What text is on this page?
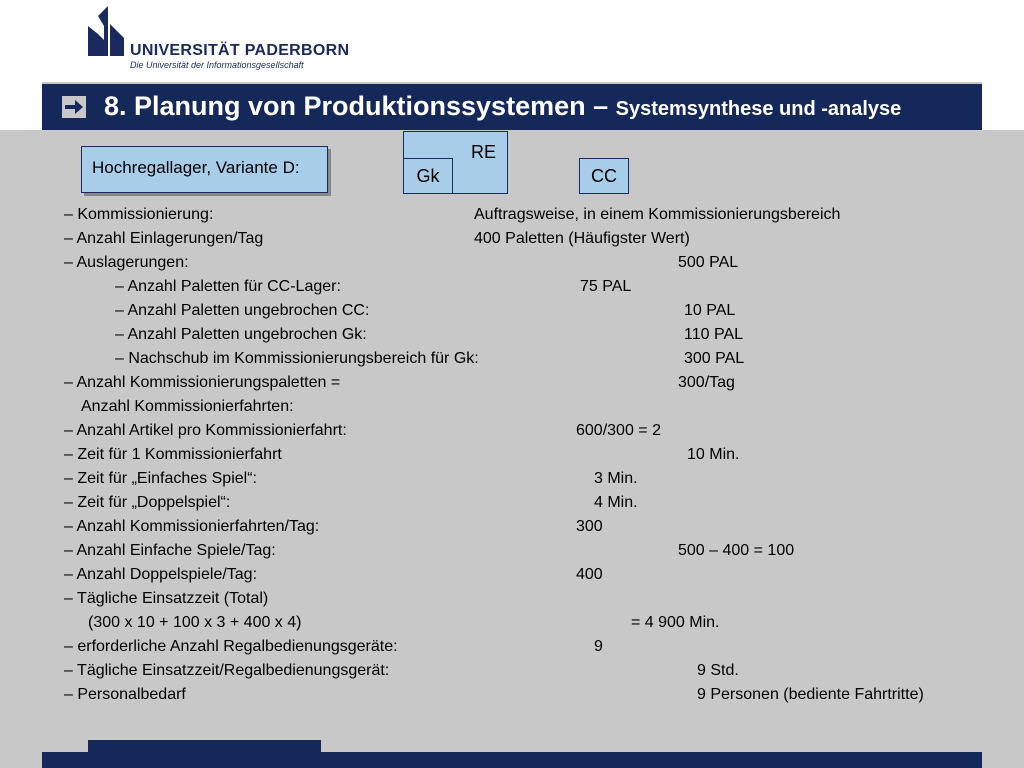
UNIVERSITÄT PADERBORN
Die Universität der Informationsgesellschaft
8. Planung von Produktionssystemen – Systemsynthese und -analyse
Hochregallager, Variante D:
RE
Gk	CC
– Kommissionierung:	Auftragsweise, in einem Kommissionierungsbereich
– Anzahl Einlagerungen/Tag	400 Paletten (Häufigster Wert)
– Auslagerungen:	500 PAL
– Anzahl Paletten für CC-Lager:	75 PAL
– Anzahl Paletten ungebrochen CC:	10 PAL
– Anzahl Paletten ungebrochen Gk:	110 PAL
– Nachschub im Kommissionierungsbereich für Gk:	300 PAL
– Anzahl Kommissionierungspaletten =	300/Tag
Anzahl Kommissionierfahrten:
– Anzahl Artikel pro Kommissionierfahrt:	600/300 = 2
– Zeit für 1 Kommissionierfahrt	10 Min.
– Zeit für „Einfaches Spiel“:	3 Min.
– Zeit für „Doppelspiel“:	4 Min.
– Anzahl Kommissionierfahrten/Tag:	300
– Anzahl Einfache Spiele/Tag:	500 – 400 = 100
– Anzahl Doppelspiele/Tag:	400
– Tägliche Einsatzzeit (Total)
(300 x 10 + 100 x 3 + 400 x 4)	= 4 900 Min.
– erforderliche Anzahl Regalbedienungsgeräte:	9
– Tägliche Einsatzzeit/Regalbedienungsgerät:	9 Std.
– Personalbedarf	9 Personen (bediente Fahrtritte)
